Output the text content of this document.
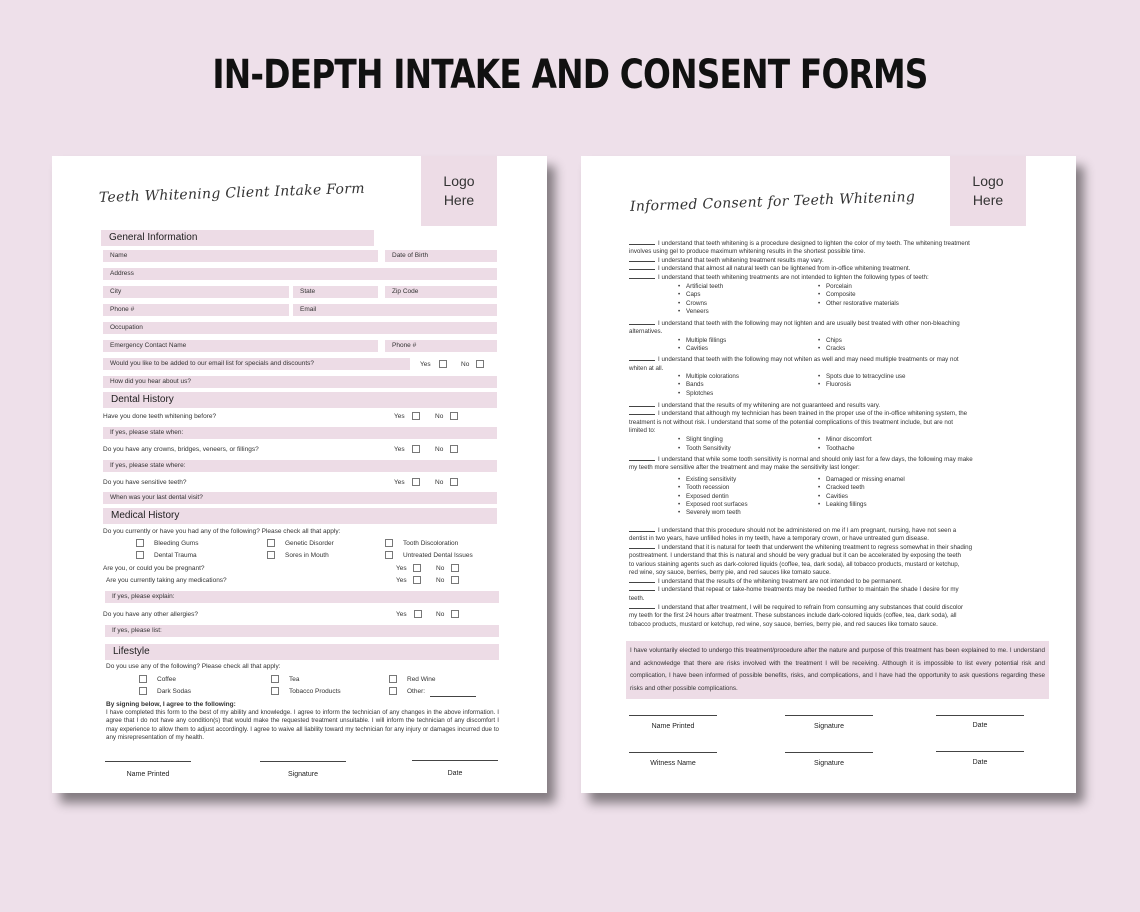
IN-DEPTH INTAKE AND CONSENT FORMS
Logo
Here
Teeth Whitening Client Intake Form
General Information
Name	Date of Birth
Address
City	State	Zip Code
Phone #	Email
Occupation
Emergency Contact Name	Phone #
Would you like to be added to our email list for specials and discounts?	Yes	No
How did you hear about us?
Dental History
Have you done teeth whitening before?	Yes	No
If yes, please state when:
Do you have any crowns, bridges, veneers, or fillings?	Yes	No
If yes, please state where:
Do you have sensitive teeth?	Yes	No
When was your last dental visit?
Medical History
Do you currently or have you had any of the following? Please check all that apply:
Bleeding Gums	Genetic Disorder	Tooth Discoloration
Dental Trauma	Sores in Mouth	Untreated Dental Issues
Are you, or could you be pregnant?	Yes	No
Are you currently taking any medications?	Yes	No
If yes, please explain:
Do you have any other allergies?	Yes	No
If yes, please list:
Lifestyle
Do you use any of the following? Please check all that apply:
Coffee	Tea	Red Wine
Dark Sodas	Tobacco Products	Other:
By signing below, I agree to the following:
I have completed this form to the best of my ability and knowledge. I agree to inform the technician of any changes in the above information. I agree that I do not have any condition(s) that would make the requested treatment unsuitable. I will inform the technician of any discomfort I may experience to allow them to adjust accordingly. I agree to waive all liability toward my technician for any injury or damages incurred due to any misrepresentation of my health.
Name Printed	Signature	Date
Logo
Here
Informed Consent for Teeth Whitening
I understand that teeth whitening is a procedure designed to lighten the color of my teeth. The whitening treatment
involves using gel to produce maximum whitening results in the shortest possible time.
I understand that teeth whitening treatment results may vary.
I understand that almost all natural teeth can be lightened from in-office whitening treatment.
I understand that teeth whitening treatments are not intended to lighten the following types of teeth:
• Artificial teeth
• Caps
• Crowns
• Veneers
• Porcelain
• Composite
• Other restorative materials
I understand that teeth with the following may not lighten and are usually best treated with other non-bleaching
alternatives.
• Multiple fillings
• Cavities
• Chips
• Cracks
I understand that teeth with the following may not whiten as well and may need multiple treatments or may not
whiten at all.
• Multiple colorations
• Bands
• Splotches
• Spots due to tetracycline use
• Fluorosis
I understand that the results of my whitening are not guaranteed and results vary.
I understand that although my technician has been trained in the proper use of the in-office whitening system, the
treatment is not without risk. I understand that some of the potential complications of this treatment include, but are not
limited to:
• Slight tingling
• Tooth Sensitivity
• Minor discomfort
• Toothache
I understand that while some tooth sensitivity is normal and should only last for a few days, the following may make
my teeth more sensitive after the treatment and may make the sensitivity last longer:
• Existing sensitivity
• Tooth recession
• Exposed dentin
• Exposed root surfaces
• Severely worn teeth
• Damaged or missing enamel
• Cracked teeth
• Cavities
• Leaking fillings
I understand that this procedure should not be administered on me if I am pregnant, nursing, have not seen a
dentist in two years, have unfilled holes in my teeth, have a temporary crown, or have untreated gum disease.
I understand that it is natural for teeth that underwent the whitening treatment to regress somewhat in their shading
posttreatment. I understand that this is natural and should be very gradual but it can be accelerated by exposing the teeth
to various staining agents such as dark-colored liquids (coffee, tea, dark soda), all tobacco products, mustard or ketchup,
red wine, soy sauce, berries, berry pie, and red sauces like tomato sauce.
I understand that the results of the whitening treatment are not intended to be permanent.
I understand that repeat or take-home treatments may be needed further to maintain the shade I desire for my
teeth.
I understand that after treatment, I will be required to refrain from consuming any substances that could discolor
my teeth for the first 24 hours after treatment. These substances include dark-colored liquids (coffee, tea, dark soda), all
tobacco products, mustard or ketchup, red wine, soy sauce, berries, berry pie, and red sauces like tomato sauce.
I have voluntarily elected to undergo this treatment/procedure after the nature and purpose of this treatment has been explained to me. I understand and acknowledge that there are risks involved with the treatment I will be receiving. Although it is impossible to list every potential risk and complication, I have been informed of possible benefits, risks, and complications, and I have had the opportunity to ask questions regarding these risks and other possible complications.
Name Printed	Signature	Date
Witness Name	Signature	Date
